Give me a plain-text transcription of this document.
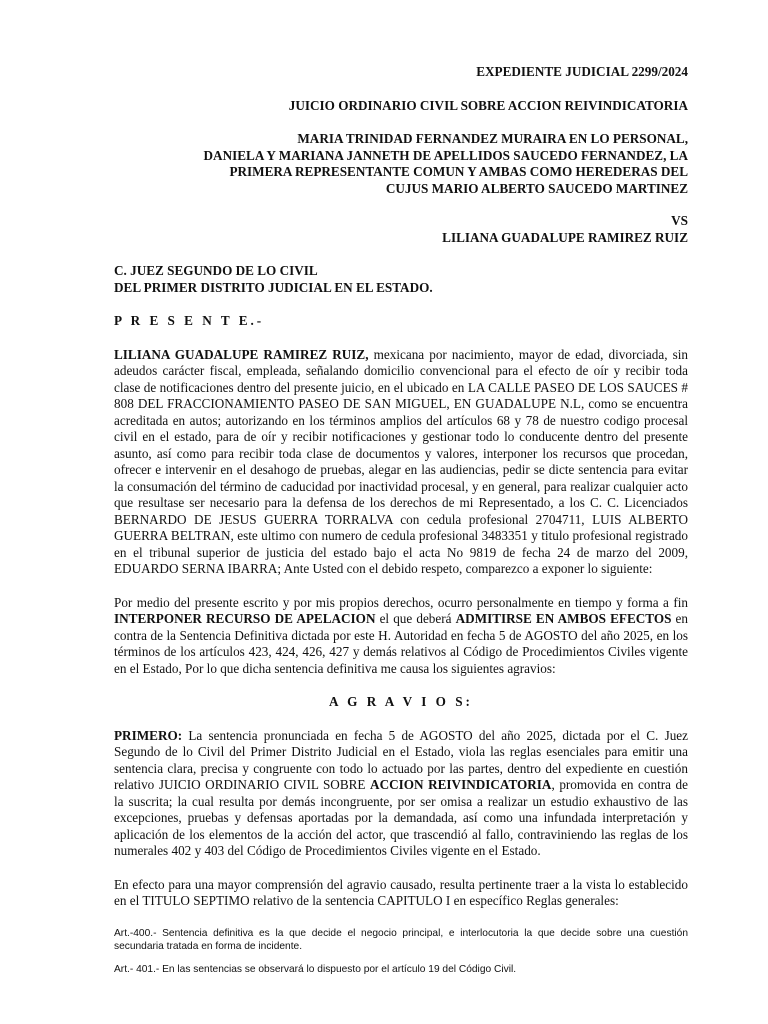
EXPEDIENTE JUDICIAL 2299/2024
JUICIO ORDINARIO CIVIL SOBRE ACCION REIVINDICATORIA
MARIA TRINIDAD FERNANDEZ MURAIRA EN LO PERSONAL,
DANIELA Y MARIANA JANNETH DE APELLIDOS SAUCEDO FERNANDEZ, LA
PRIMERA REPRESENTANTE COMUN Y AMBAS COMO HEREDERAS DEL
CUJUS MARIO ALBERTO SAUCEDO MARTINEZ
VS
LILIANA GUADALUPE RAMIREZ RUIZ
C. JUEZ SEGUNDO DE LO CIVIL
DEL PRIMER DISTRITO JUDICIAL EN EL ESTADO.
P R E S E N T E.-

LILIANA GUADALUPE RAMIREZ RUIZ, mexicana por nacimiento, mayor de edad, divorciada, sin adeudos carácter fiscal, empleada, señalando domicilio convencional para el efecto de oír y recibir toda clase de notificaciones dentro del presente juicio, en el ubicado en LA CALLE PASEO DE LOS SAUCES # 808 DEL FRACCIONAMIENTO PASEO DE SAN MIGUEL, EN GUADALUPE N.L, como se encuentra acreditada en autos; autorizando en los términos amplios del artículos 68 y 78 de nuestro codigo procesal civil en el estado, para de oír y recibir notificaciones y gestionar todo lo conducente dentro del presente asunto, así como para recibir toda clase de documentos y valores, interponer los recursos que procedan, ofrecer e intervenir en el desahogo de pruebas, alegar en las audiencias, pedir se dicte sentencia para evitar la consumación del término de caducidad por inactividad procesal, y en general, para realizar cualquier acto que resultase ser necesario para la defensa de los derechos de mi Representado, a los C. C. Licenciados BERNARDO DE JESUS GUERRA TORRALVA con cedula profesional 2704711, LUIS ALBERTO GUERRA BELTRAN, este ultimo con numero de cedula profesional 3483351 y titulo profesional registrado en el tribunal superior de justicia del estado bajo el acta No 9819 de fecha 24 de marzo del 2009, EDUARDO SERNA IBARRA; Ante Usted con el debido respeto, comparezco a exponer lo siguiente:

Por medio del presente escrito y por mis propios derechos, ocurro personalmente en tiempo y forma a fin INTERPONER RECURSO DE APELACION el que deberá ADMITIRSE EN AMBOS EFECTOS en contra de la Sentencia Definitiva dictada por este H. Autoridad en fecha 5 de AGOSTO del año 2025, en los términos de los artículos 423, 424, 426, 427 y demás relativos al Código de Procedimientos Civiles vigente en el Estado, Por lo que dicha sentencia definitiva me causa los siguientes agravios:

A G R A V I O S:

PRIMERO: La sentencia pronunciada en fecha 5 de AGOSTO del año 2025, dictada por el C. Juez Segundo de lo Civil del Primer Distrito Judicial en el Estado, viola las reglas esenciales para emitir una sentencia clara, precisa y congruente con todo lo actuado por las partes, dentro del expediente en cuestión relativo JUICIO ORDINARIO CIVIL SOBRE ACCION REIVINDICATORIA, promovida en contra de la suscrita; la cual resulta por demás incongruente, por ser omisa a realizar un estudio exhaustivo de las excepciones, pruebas y defensas aportadas por la demandada, así como una infundada interpretación y aplicación de los elementos de la acción del actor, que trascendió al fallo, contraviniendo las reglas de los numerales 402 y 403 del Código de Procedimientos Civiles vigente en el Estado.

En efecto para una mayor comprensión del agravio causado, resulta pertinente traer a la vista lo establecido en el TITULO SEPTIMO relativo de la sentencia CAPITULO I en específico Reglas generales:

Art.-400.- Sentencia definitiva es la que decide el negocio principal, e interlocutoria la que decide sobre una cuestión secundaria tratada en forma de incidente.
Art.- 401.- En las sentencias se observará lo dispuesto por el artículo 19 del Código Civil.
